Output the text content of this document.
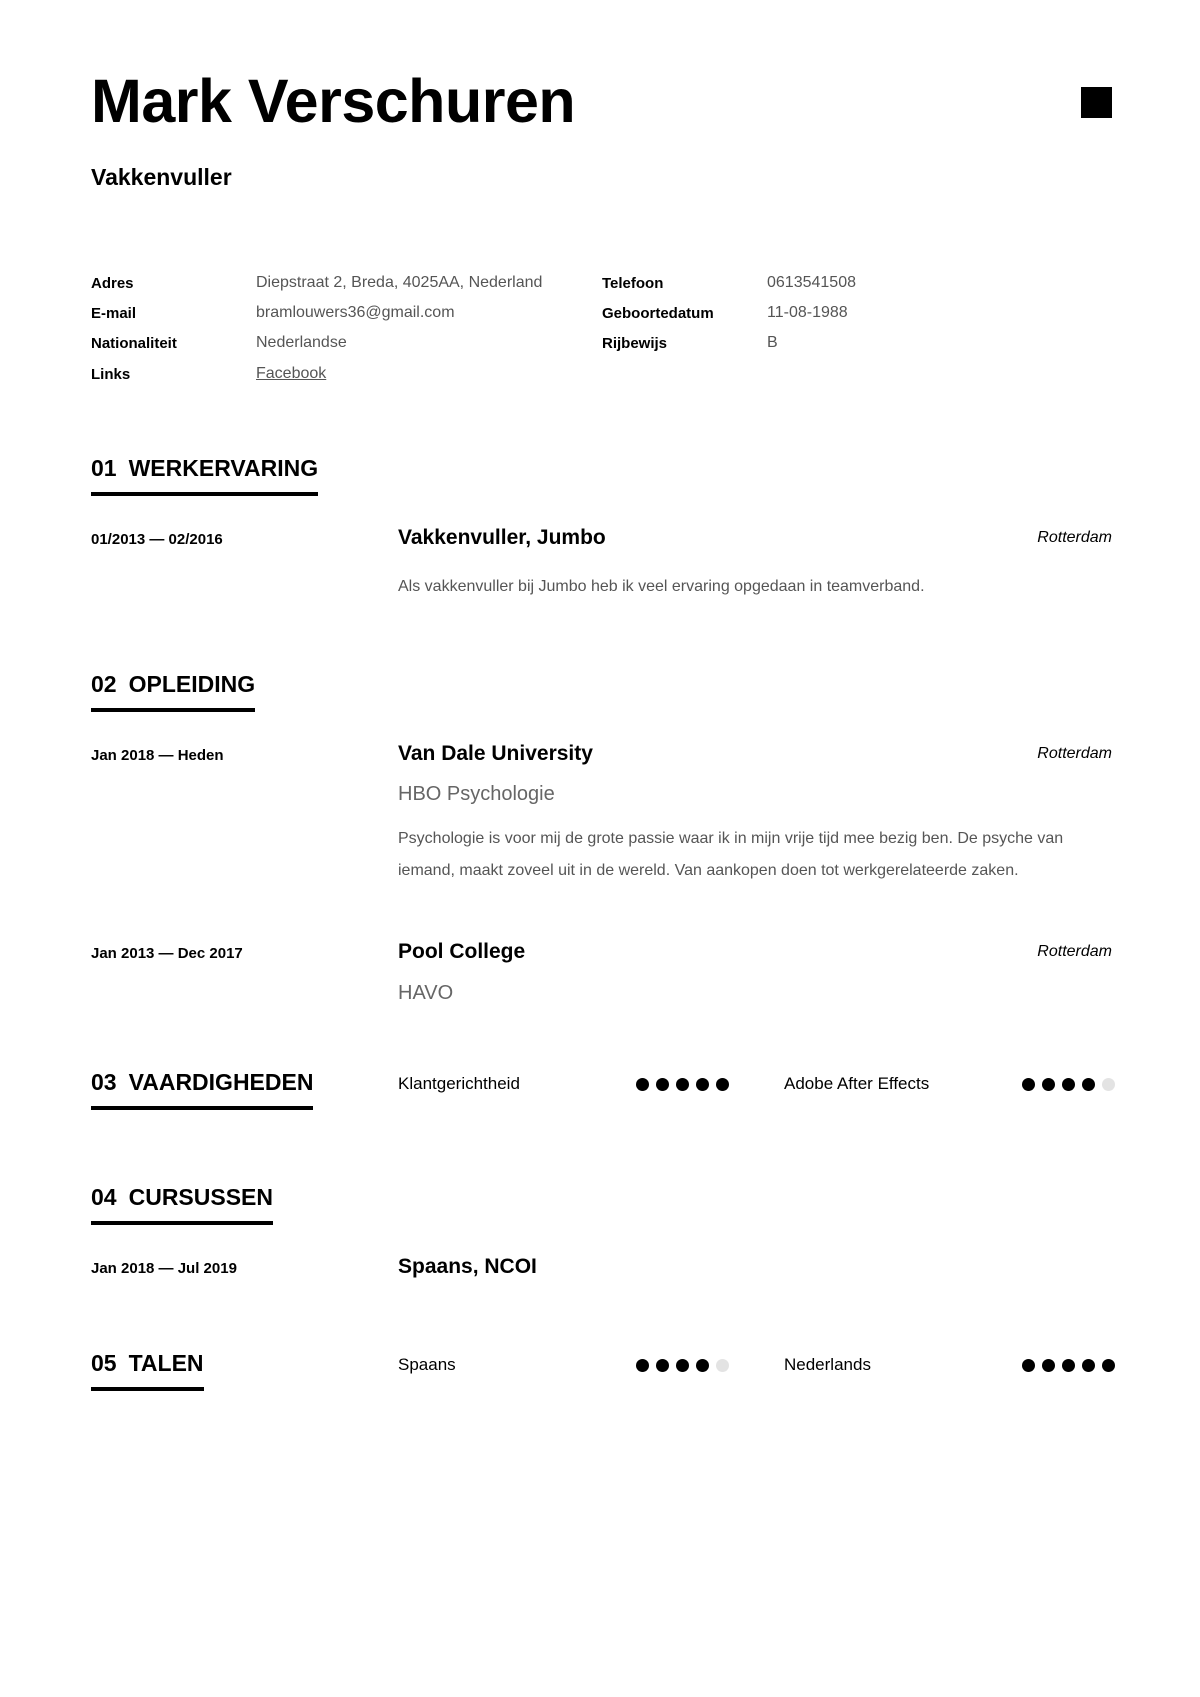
Mark Verschuren
Vakkenvuller
Adres	Diepstraat 2, Breda, 4025AA, Nederland
E-mail	bramlouwers36@gmail.com
Nationaliteit	Nederlandse
Links	Facebook
Telefoon	0613541508
Geboortedatum	11-08-1988
Rijbewijs	B
01 WERKERVARING
01/2013 — 02/2016	Vakkenvuller, Jumbo	Rotterdam
Als vakkenvuller bij Jumbo heb ik veel ervaring opgedaan in teamverband.
02 OPLEIDING
Jan 2018 — Heden	Van Dale University	Rotterdam
HBO Psychologie
Psychologie is voor mij de grote passie waar ik in mijn vrije tijd mee bezig ben. De psyche van iemand, maakt zoveel uit in de wereld. Van aankopen doen tot werkgerelateerde zaken.
Jan 2013 — Dec 2017	Pool College	Rotterdam
HAVO
03 VAARDIGHEDEN	Klantgerichtheid	Adobe After Effects
04 CURSUSSEN
Jan 2018 — Jul 2019	Spaans, NCOI
05 TALEN	Spaans	Nederlands
